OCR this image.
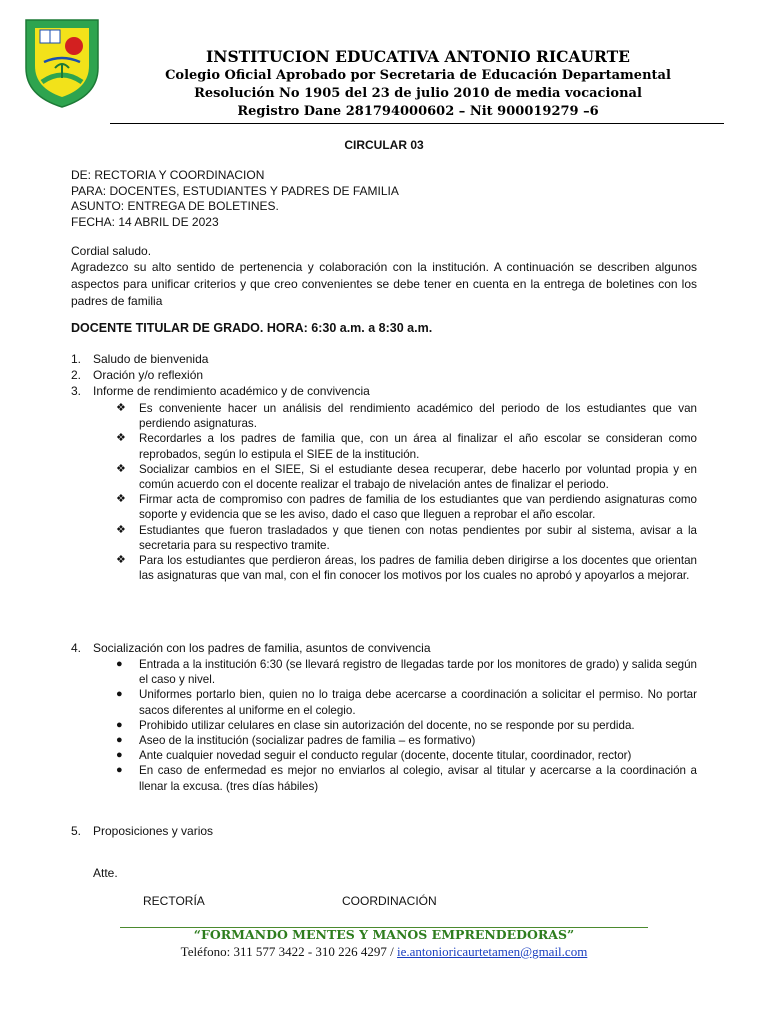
INSTITUCION EDUCATIVA ANTONIO RICAURTE
Colegio Oficial Aprobado por Secretaria de Educación Departamental
Resolución No 1905 del 23 de julio 2010 de media vocacional
Registro Dane 281794000602 – Nit 900019279 –6
CIRCULAR 03
DE: RECTORIA Y COORDINACION
PARA: DOCENTES, ESTUDIANTES Y PADRES DE FAMILIA
ASUNTO: ENTREGA DE BOLETINES.
FECHA: 14 ABRIL DE 2023
Cordial saludo.
Agradezco su alto sentido de pertenencia y colaboración con la institución. A continuación se describen algunos aspectos para unificar criterios y que creo convenientes se debe tener en cuenta en la entrega de boletines con los padres de familia
DOCENTE TITULAR DE GRADO. HORA: 6:30 a.m. a 8:30 a.m.
1. Saludo de bienvenida
2. Oración y/o reflexión
3. Informe de rendimiento académico y de convivencia

❖ Es conveniente hacer un análisis del rendimiento académico del periodo de los estudiantes que van perdiendo asignaturas.

❖ Recordarles a los padres de familia que, con un área al finalizar el año escolar se consideran como reprobados, según lo estipula el SIEE de la institución.

❖ Socializar cambios en el SIEE, Si el estudiante desea recuperar, debe hacerlo por voluntad propia y en común acuerdo con el docente realizar el trabajo de nivelación antes de finalizar el periodo.

❖ Firmar acta de compromiso con padres de familia de los estudiantes que van perdiendo asignaturas como soporte y evidencia que se les aviso, dado el caso que lleguen a reprobar el año escolar.

❖ Estudiantes que fueron trasladados y que tienen con notas pendientes por subir al sistema, avisar a la secretaria para su respectivo tramite.

❖ Para los estudiantes que perdieron áreas, los padres de familia deben dirigirse a los docentes que orientan las asignaturas que van mal, con el fin conocer los motivos por los cuales no aprobó y apoyarlos a mejorar.

4. Socialización con los padres de familia, asuntos de convivencia

● Entrada a la institución 6:30 (se llevará registro de llegadas tarde por los monitores de grado) y salida según el caso y nivel.

● Uniformes portarlo bien, quien no lo traiga debe acercarse a coordinación a solicitar el permiso. No portar sacos diferentes al uniforme en el colegio.

● Prohibido utilizar celulares en clase sin autorización del docente, no se responde por su perdida.

● Aseo de la institución (socializar padres de familia – es formativo)

● Ante cualquier novedad seguir el conducto regular (docente, docente titular, coordinador, rector)

● En caso de enfermedad es mejor no enviarlos al colegio, avisar al titular y acercarse a la coordinación a llenar la excusa. (tres días hábiles)

5. Proposiciones y varios
Atte.
RECTORÍA	COORDINACIÓN
“FORMANDO MENTES Y MANOS EMPRENDEDORAS”
Teléfono: 311 577 3422 - 310 226 4297 / ie.antonioricaurtetamen@gmail.com
